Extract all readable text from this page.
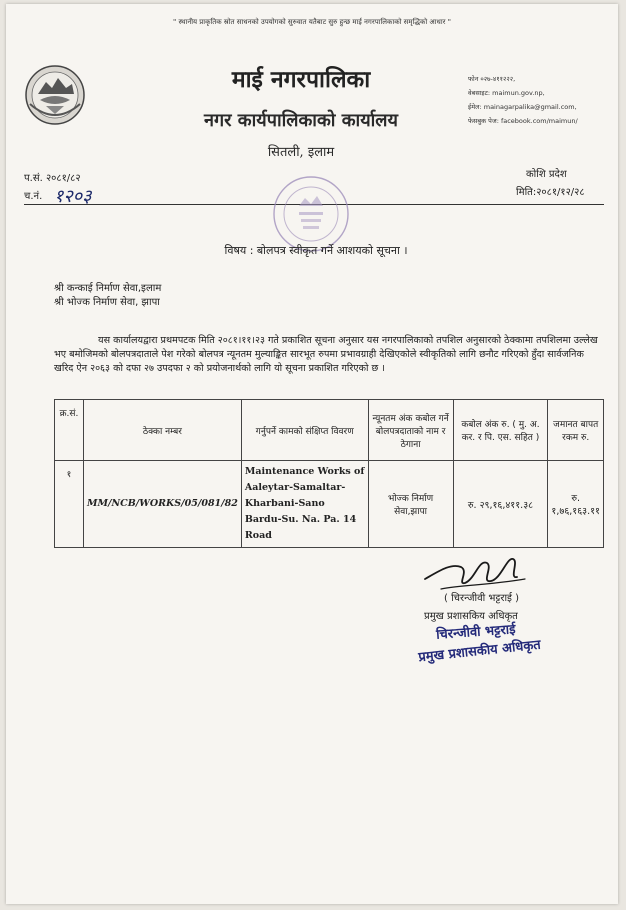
" स्थानीय प्राकृतिक स्रोत साधनको उपयोगको सुरुवात यतैबाट सुरु हुन्छ माई नगरपालिकाको समृद्धिको आधार "
माई नगरपालिका
नगर कार्यपालिकाको कार्यालय
सितली, इलाम
फोन ०२७-४११२२२,
वेबसाइट: maimun.gov.np,
ईमेल: mainagarpalika@gmail.com,
फेसबुक पेज: facebook.com/maimun/
प.सं. २०८१/८२
च.नं. १२०३
कोशि प्रदेश
मिति:२०८१/१२/२८
विषय : बोलपत्र स्वीकृत गर्ने आशयको सूचना ।
श्री कन्काई निर्माण सेवा,इलाम
श्री भोज्क निर्माण सेवा, झापा
यस कार्यालयद्वारा प्रथमपटक मिति २०८१।११।२३ गते प्रकाशित सूचना अनुसार यस नगरपालिकाको तपशिल अनुसारको ठेक्कामा तपशिलमा उल्लेख भए बमोजिमको बोलपत्रदाताले पेश गरेको बोलपत्र न्यूनतम मुल्याङ्कित सारभूत रुपमा प्रभावग्राही देखिएकोले स्वीकृतिको लागि छनौट गरिएको हुँदा सार्वजनिक खरिद ऐन २०६३ को दफा २७ उपदफा २ को प्रयोजनार्थको लागि यो सूचना प्रकाशित गरिएको छ ।
क्र.सं.	ठेक्का नम्बर	गर्नुपर्ने कामको संक्षिप्त विवरण	न्यूनतम अंक कबोल गर्ने बोलपत्रदाताको नाम र ठेगाना	कबोल अंक रु. ( मु. अ. कर. र पि. एस. सहित )	जमानत बापत रकम रु.
१	MM/NCB/WORKS/05/081/82	Maintenance Works of Aaleytar-Samaltar-Kharbani-Sano Bardu-Su. Na. Pa. 14 Road	भोज्क निर्माण सेवा,झापा	रु. २९,१६,४११.३८	रु. १,७६,१६३.११
( चिरन्जीवी भट्टराई )
प्रमुख प्रशासकिय अधिकृत
चिरन्जीवी भट्टराई
प्रमुख प्रशासकीय अधिकृत
